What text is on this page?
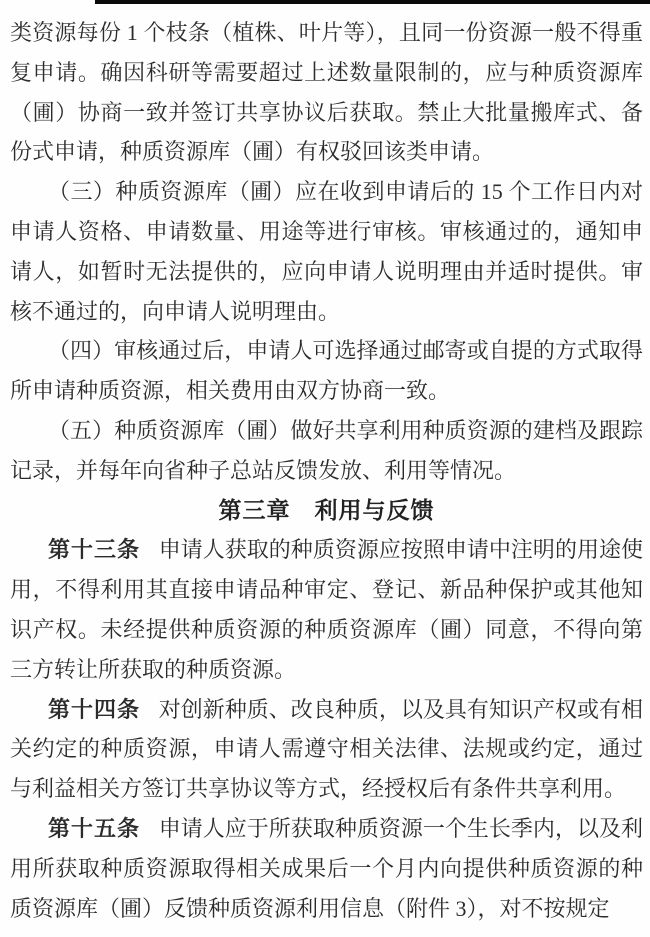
类资源每份 1 个枝条（植株、叶片等），且同一份资源一般不得重复申请。确因科研等需要超过上述数量限制的，应与种质资源库（圃）协商一致并签订共享协议后获取。禁止大批量搬库式、备份式申请，种质资源库（圃）有权驳回该类申请。
（三）种质资源库（圃）应在收到申请后的 15 个工作日内对申请人资格、申请数量、用途等进行审核。审核通过的，通知申请人，如暂时无法提供的，应向申请人说明理由并适时提供。审核不通过的，向申请人说明理由。
（四）审核通过后，申请人可选择通过邮寄或自提的方式取得所申请种质资源，相关费用由双方协商一致。
（五）种质资源库（圃）做好共享利用种质资源的建档及跟踪记录，并每年向省种子总站反馈发放、利用等情况。
第三章　利用与反馈
第十三条 申请人获取的种质资源应按照申请中注明的用途使用，不得利用其直接申请品种审定、登记、新品种保护或其他知识产权。未经提供种质资源的种质资源库（圃）同意，不得向第三方转让所获取的种质资源。
第十四条 对创新种质、改良种质，以及具有知识产权或有相关约定的种质资源，申请人需遵守相关法律、法规或约定，通过与利益相关方签订共享协议等方式，经授权后有条件共享利用。
第十五条 申请人应于所获取种质资源一个生长季内，以及利用所获取种质资源取得相关成果后一个月内向提供种质资源的种质资源库（圃）反馈种质资源利用信息（附件 3），对不按规定
